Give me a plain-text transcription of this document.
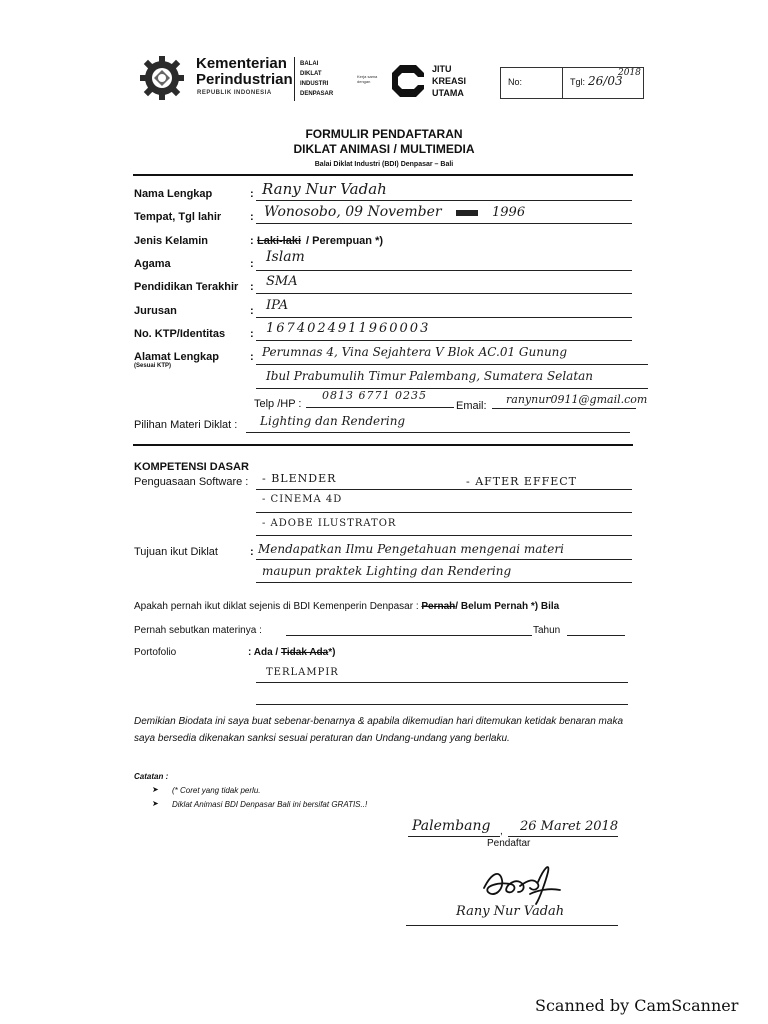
Kementerian
Perindustrian
REPUBLIK INDONESIA
BALAI
DIKLAT
INDUSTRI
DENPASAR
Kerja sama dengan
JITU
KREASI
UTAMA
No:	Tgl: 26/03
2018
FORMULIR PENDAFTARAN
DIKLAT ANIMASI / MULTIMEDIA
Balai Diklat Industri (BDI) Denpasar – Bali
Nama Lengkap	: Rany Nur Vadah
Tempat, Tgl lahir	: Wonosobo, 09 November	1996
Jenis Kelamin	: Laki-laki / Perempuan *)
Agama	: Islam
Pendidikan Terakhir : SMA
Jurusan	: IPA
No. KTP/Identitas : 1674024911960003
Alamat Lengkap
(Sesuai KTP)
: Perumnas 4, Vina Sejahtera V Blok AC.01 Gunung
Ibul Prabumulih Timur Palembang, Sumatera Selatan
Telp /HP :
0813 6771 0235
Email: ranynur0911@gmail.com
Pilihan Materi Diklat : Lighting dan Rendering
KOMPETENSI DASAR
Penguasaan Software : - BLENDER	- AFTER EFFECT
- CINEMA 4D
- ADOBE ILUSTRATOR
Tujuan ikut Diklat	: Mendapatkan Ilmu Pengetahuan mengenai materi
maupun praktek Lighting dan Rendering
Apakah pernah ikut diklat sejenis di BDI Kemenperin Denpasar : Pernah/ Belum Pernah *) Bila
Pernah sebutkan materinya :	Tahun
Portofolio	: Ada / Tidak Ada*)
TERLAMPIR
Demikian Biodata ini saya buat sebenar-benarnya & apabila dikemudian hari ditemukan ketidak benaran maka saya bersedia dikenakan sanksi sesuai peraturan dan Undang-undang yang berlaku.
Catatan :
➤ (* Coret yang tidak perlu.
➤ Diklat Animasi BDI Denpasar Bali ini bersifat GRATIS..!
Palembang , 26 Maret 2018
Pendaftar
Rany Nur Vadah
Scanned by CamScanner
